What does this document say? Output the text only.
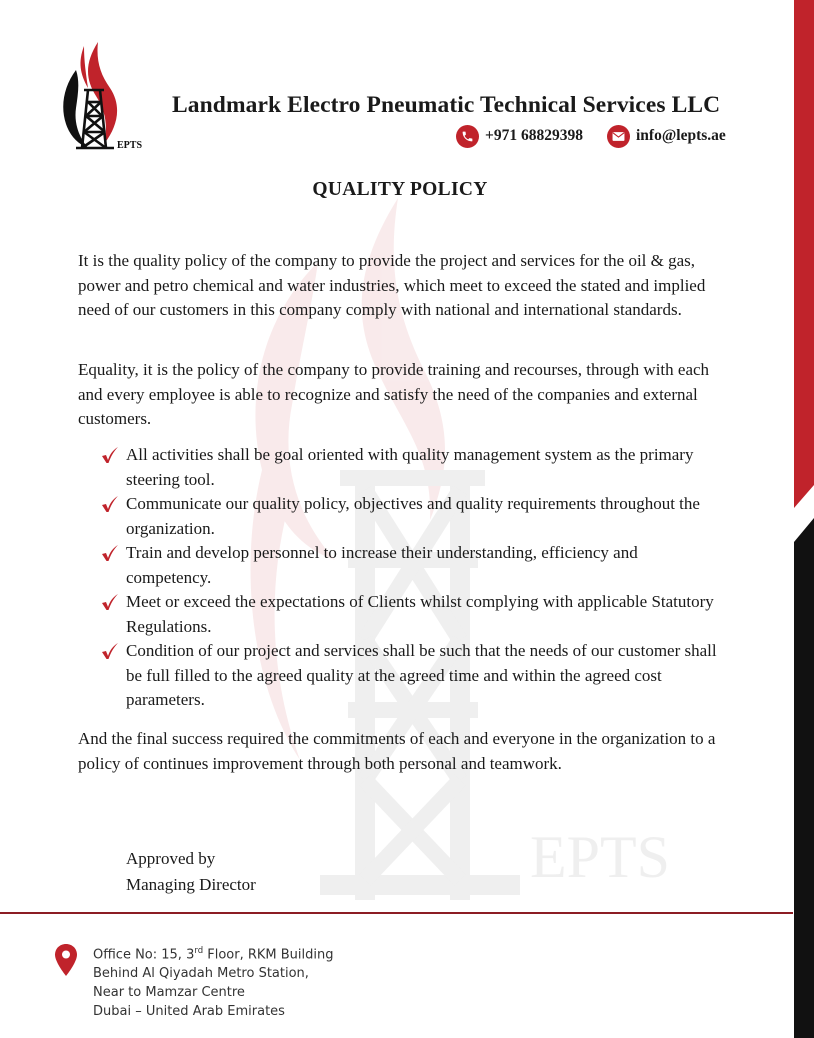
EPTS
EPTS
Landmark Electro Pneumatic Technical Services LLC
+971 68829398	info@lepts.ae
QUALITY POLICY

It is the quality policy of the company to provide the project and services for the oil & gas, power and petro chemical and water industries, which meet to exceed the stated and implied need of our customers in this company comply with national and international standards.

Equality, it is the policy of the company to provide training and recourses, through with each and every employee is able to recognize and satisfy the need of the companies and external customers.

All activities shall be goal oriented with quality management system as the primary steering tool.
Communicate our quality policy, objectives and quality requirements throughout the organization.
Train and develop personnel to increase their understanding, efficiency and competency.
Meet or exceed the expectations of Clients whilst complying with applicable Statutory Regulations.
Condition of our project and services shall be such that the needs of our customer shall be full filled to the agreed quality at the agreed time and within the agreed cost parameters.

And the final success required the commitments of each and everyone in the organization to a policy of continues improvement through both personal and teamwork.

Approved by
Managing Director
Office No: 15, 3rd Floor, RKM Building
Behind Al Qiyadah Metro Station,
Near to Mamzar Centre
Dubai – United Arab Emirates
